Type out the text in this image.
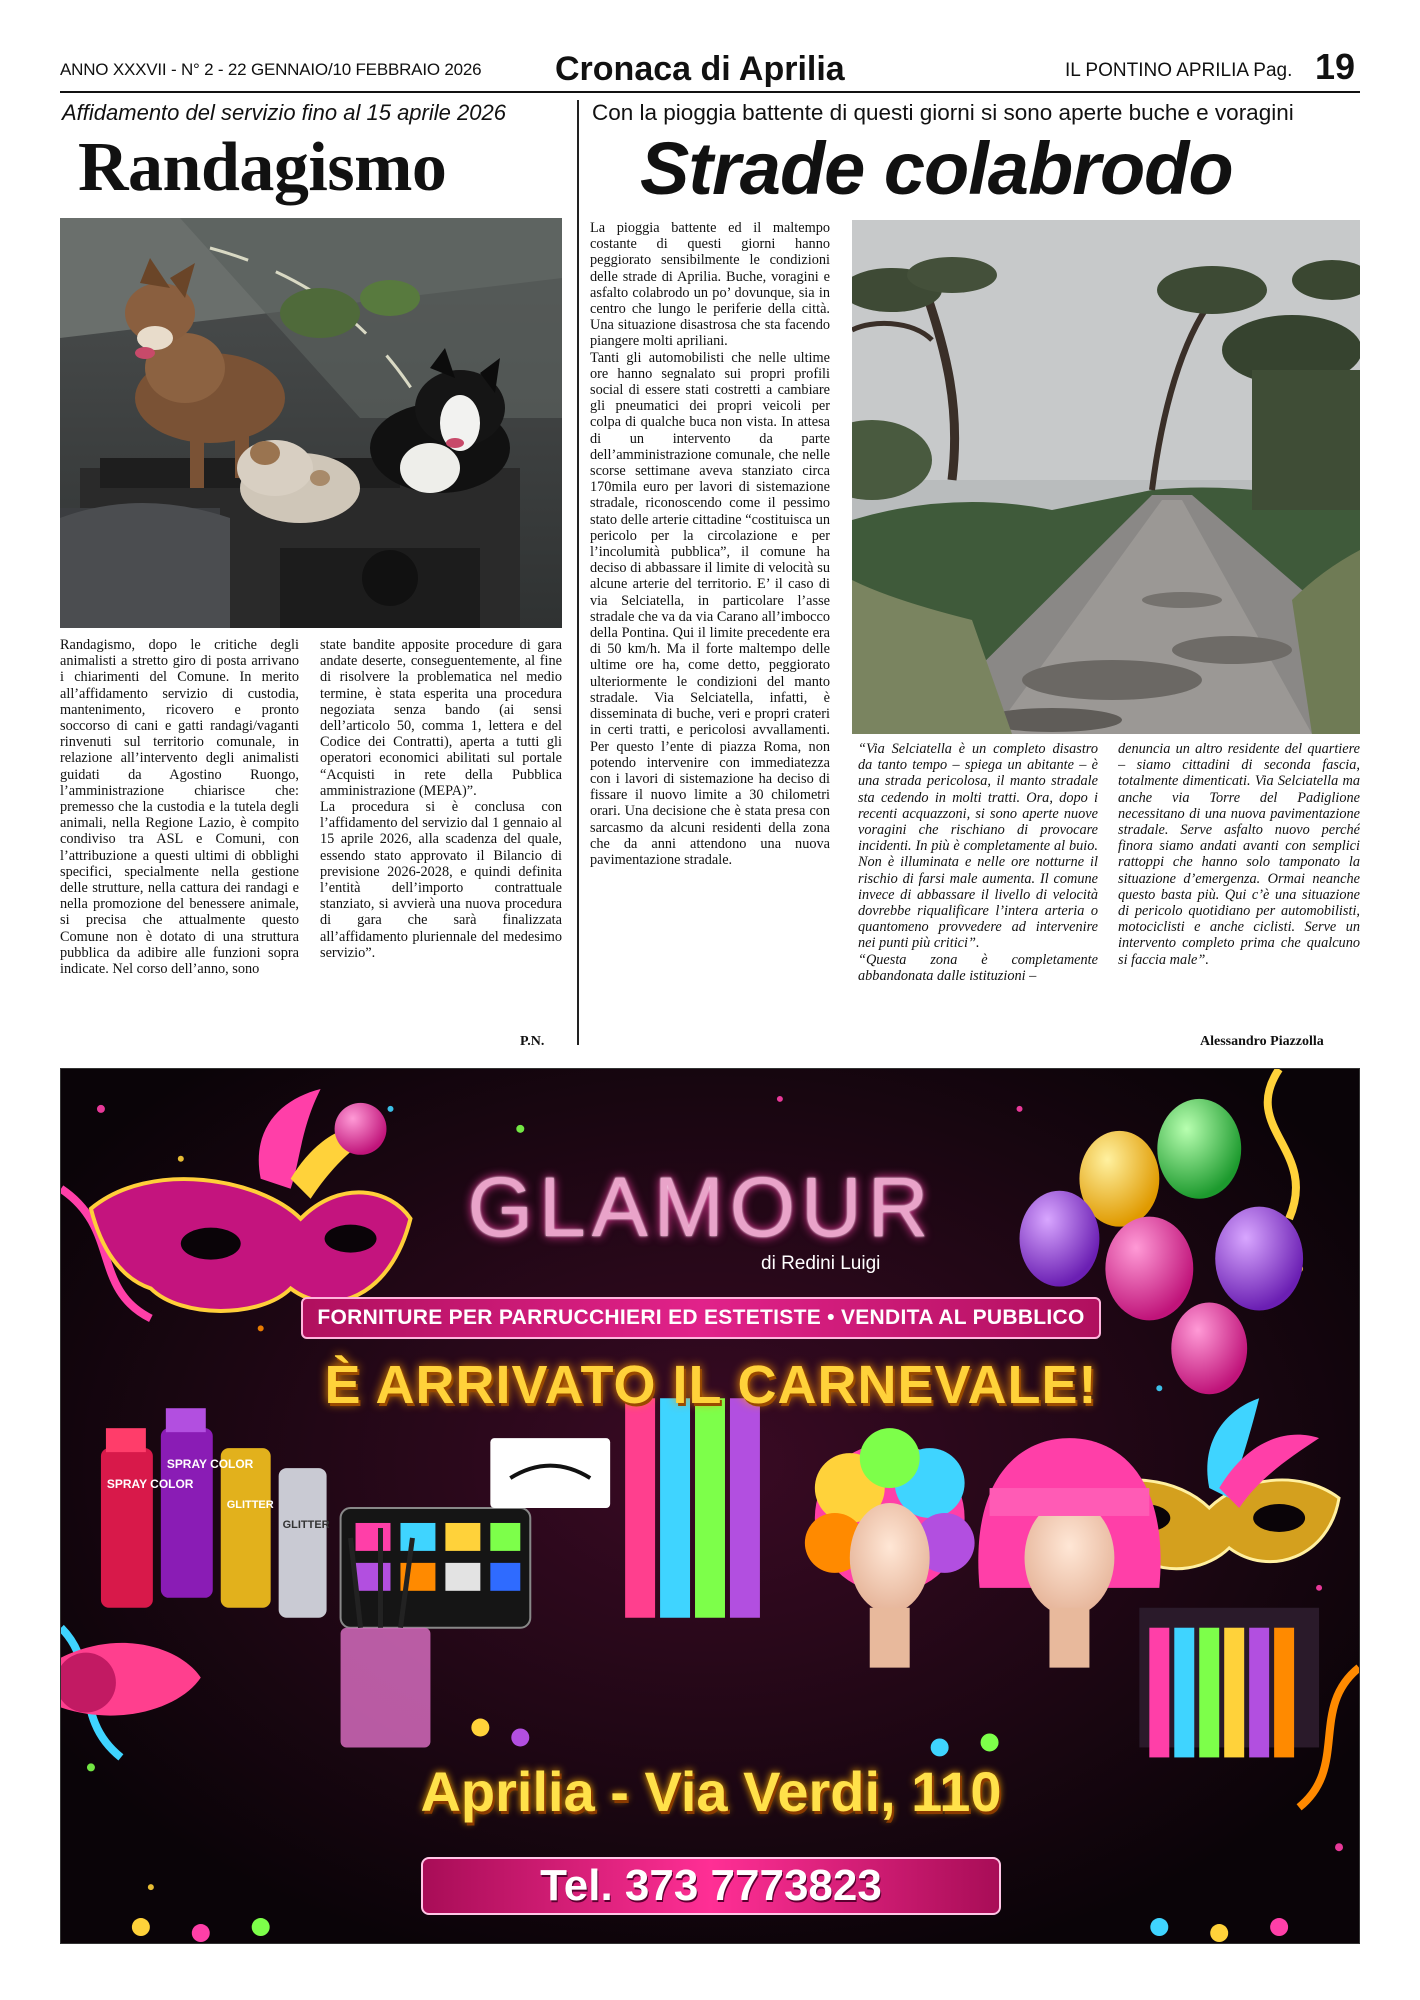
ANNO XXXVII - N° 2 - 22 GENNAIO/10 FEBBRAIO 2026 Cronaca di Aprilia	IL PONTINO APRILIA Pag. 19
Affidamento del servizio fino al 15 aprile 2026	Con la pioggia battente di questi giorni si sono aperte buche e voragini
Randagismo	Strade colabrodo

Randagismo, dopo le critiche degli animalisti a stretto giro di posta arrivano i chiarimenti del Comune. In merito all’affidamento servizio di custodia, mantenimento, ricovero e pronto soccorso di cani e gatti randagi/vaganti rinvenuti sul territorio comunale, in relazione all’intervento degli animalisti guidati da Agostino Ruongo, l’amministrazione chiarisce che: premesso che la custodia e la tutela degli animali, nella Regione Lazio, è compito condiviso tra ASL e Comuni, con l’attribuzione a questi ultimi di obblighi specifici, specialmente nella gestione delle strutture, nella cattura dei randagi e nella promozione del benessere animale, si precisa che attualmente questo Comune non è dotato di una struttura pubblica da adibire alle funzioni sopra indicate. Nel corso dell’anno, sono

state bandite apposite procedure di gara andate deserte, conseguentemente, al fine di risolvere la problematica nel medio termine, è stata esperita una procedura negoziata senza bando (ai sensi dell’articolo 50, comma 1, lettera e del Codice dei Contratti), aperta a tutti gli operatori economici abilitati sul portale “Acquisti in rete della Pubblica amministrazione (MEPA)”.

La procedura si è conclusa con l’affidamento del servizio dal 1 gennaio al 15 aprile 2026, alla scadenza del quale, essendo stato approvato il Bilancio di previsione 2026-2028, e quindi definita l’entità dell’importo contrattuale stanziato, si avvierà una nuova procedura di gara che sarà finalizzata all’affidamento pluriennale del medesimo servizio”.

P.N.

La pioggia battente ed il maltempo costante di questi giorni hanno peggiorato sensibilmente le condizioni delle strade di Aprilia. Buche, voragini e asfalto colabrodo un po’ dovunque, sia in centro che lungo le periferie della città. Una situazione disastrosa che sta facendo piangere molti apriliani.

Tanti gli automobilisti che nelle ultime ore hanno segnalato sui propri profili social di essere stati costretti a cambiare gli pneumatici dei propri veicoli per colpa di qualche buca non vista. In attesa di un intervento da parte dell’amministrazione comunale, che nelle scorse settimane aveva stanziato circa 170mila euro per lavori di sistemazione stradale, riconoscendo come il pessimo stato delle arterie cittadine “costituisca un pericolo per la circolazione e per l’incolumità pubblica”, il comune ha deciso di abbassare il limite di velocità su alcune arterie del territorio. E’ il caso di via Selciatella, in particolare l’asse stradale che va da via Carano all’imbocco della Pontina. Qui il limite precedente era di 50 km/h. Ma il forte maltempo delle ultime ore ha, come detto, peggiorato ulteriormente le condizioni del manto stradale. Via Selciatella, infatti, è disseminata di buche, veri e propri crateri in certi tratti, e pericolosi avvallamenti. Per questo l’ente di piazza Roma, non potendo intervenire con immediatezza con i lavori di sistemazione ha deciso di fissare il nuovo limite a 30 chilometri orari. Una decisione che è stata presa con sarcasmo da alcuni residenti della zona che da anni attendono una nuova pavimentazione stradale.

“Via Selciatella è un completo disastro da tanto tempo – spiega un abitante – è una strada pericolosa, il manto stradale sta cedendo in molti tratti. Ora, dopo i recenti acquazzoni, si sono aperte nuove voragini che rischiano di provocare incidenti. In più è completamente al buio. Non è illuminata e nelle ore notturne il rischio di farsi male aumenta. Il comune invece di abbassare il livello di velocità dovrebbe riqualificare l’intera arteria o quantomeno provvedere ad intervenire nei punti più critici”.

“Questa zona è completamente abbandonata dalle istituzioni –

denuncia un altro residente del quartiere – siamo cittadini di seconda fascia, totalmente dimenticati. Via Selciatella ma anche via Torre del Padiglione necessitano di una nuova pavimentazione stradale. Serve asfalto nuovo perché finora siamo andati avanti con semplici rattoppi che hanno solo tamponato la situazione d’emergenza. Ormai neanche questo basta più. Qui c’è una situazione di pericolo quotidiano per automobilisti, motociclisti e anche ciclisti. Serve un intervento completo prima che qualcuno si faccia male”.

Alessandro Piazzolla
SPRAY COLOR
SPRAY COLOR
GLITTER
GLITTER
GLAMOUR
di Redini Luigi
FORNITURE PER PARRUCCHIERI ED ESTETISTE • VENDITA AL PUBBLICO
È ARRIVATO IL CARNEVALE!
Aprilia - Via Verdi, 110
Tel. 373 7773823
